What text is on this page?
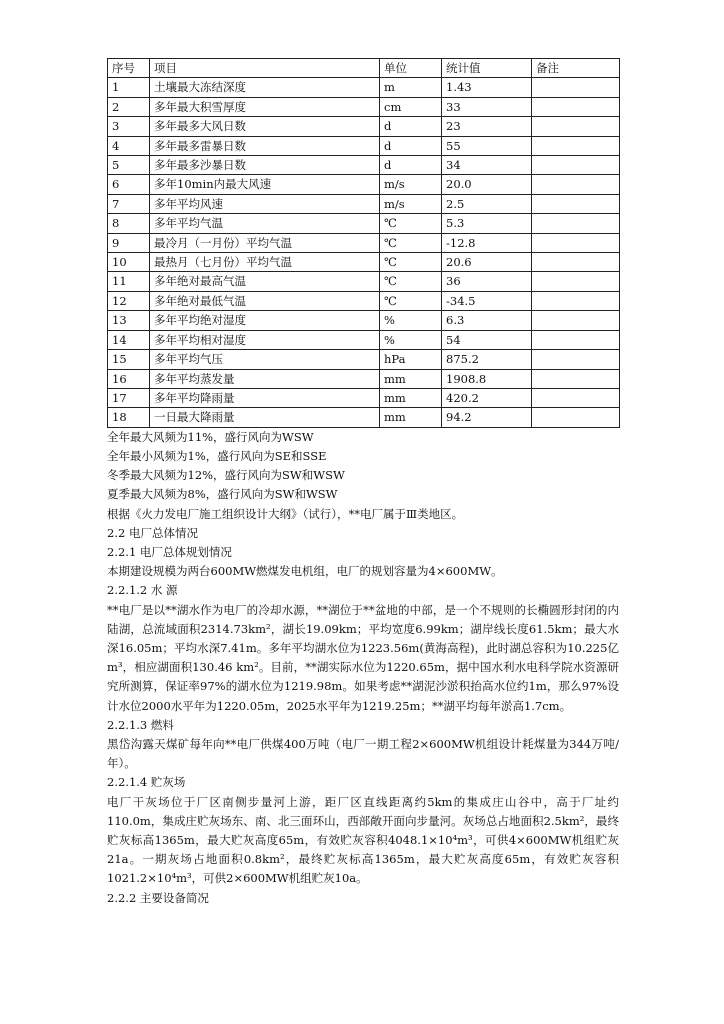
序号	项目	单位	统计值	备注
1	土壤最大冻结深度	m	1.43	
2	多年最大积雪厚度	cm	33	
3	多年最多大风日数	d	23	
4	多年最多雷暴日数	d	55	
5	多年最多沙暴日数	d	34	
6	多年10min内最大风速	m/s	20.0	
7	多年平均风速	m/s	2.5	
8	多年平均气温	℃	5.3	
9	最冷月（一月份）平均气温	℃	-12.8	
10	最热月（七月份）平均气温	℃	20.6	
11	多年绝对最高气温	℃	36	
12	多年绝对最低气温	℃	-34.5	
13	多年平均绝对湿度	%	6.3	
14	多年平均相对湿度	%	54	
15	多年平均气压	hPa	875.2	
16	多年平均蒸发量	mm	1908.8	
17	多年平均降雨量	mm	420.2	
18	一日最大降雨量	mm	94.2	

全年最大风频为11%，盛行风向为WSW

全年最小风频为1%，盛行风向为SE和SSE

冬季最大风频为12%，盛行风向为SW和WSW

夏季最大风频为8%，盛行风向为SW和WSW

根据《火力发电厂施工组织设计大纲》（试行），**电厂属于Ⅲ类地区。

2.2 电厂总体情况

2.2.1 电厂总体规划情况

本期建设规模为两台600MW燃煤发电机组，电厂的规划容量为4×600MW。

2.2.1.2 水 源

**电厂是以**湖水作为电厂的冷却水源，**湖位于**盆地的中部，是一个不规则的长椭圆形封闭的内陆湖，总流域面积2314.73km²，湖长19.09km；平均宽度6.99km；湖岸线长度61.5km；最大水深16.05m；平均水深7.41m。多年平均湖水位为1223.56m(黄海高程)，此时湖总容积为10.225亿m³，相应湖面积130.46 km²。目前，**湖实际水位为1220.65m，据中国水利水电科学院水资源研究所测算，保证率97%的湖水位为1219.98m。如果考虑**湖泥沙淤积抬高水位约1m，那么97%设计水位2000水平年为1220.05m，2025水平年为1219.25m；**湖平均每年淤高1.7cm。

2.2.1.3 燃料

黑岱沟露天煤矿每年向**电厂供煤400万吨（电厂一期工程2×600MW机组设计耗煤量为344万吨/年）。

2.2.1.4 贮灰场

电厂干灰场位于厂区南侧步量河上游，距厂区直线距离约5km的集成庄山谷中，高于厂址约110.0m，集成庄贮灰场东、南、北三面环山，西部敞开面向步量河。灰场总占地面积2.5km²，最终贮灰标高1365m，最大贮灰高度65m，有效贮灰容积4048.1×10⁴m³，可供4×600MW机组贮灰21a。一期灰场占地面积0.8km²，最终贮灰标高1365m，最大贮灰高度65m，有效贮灰容积1021.2×10⁴m³，可供2×600MW机组贮灰10a。

2.2.2 主要设备简况
